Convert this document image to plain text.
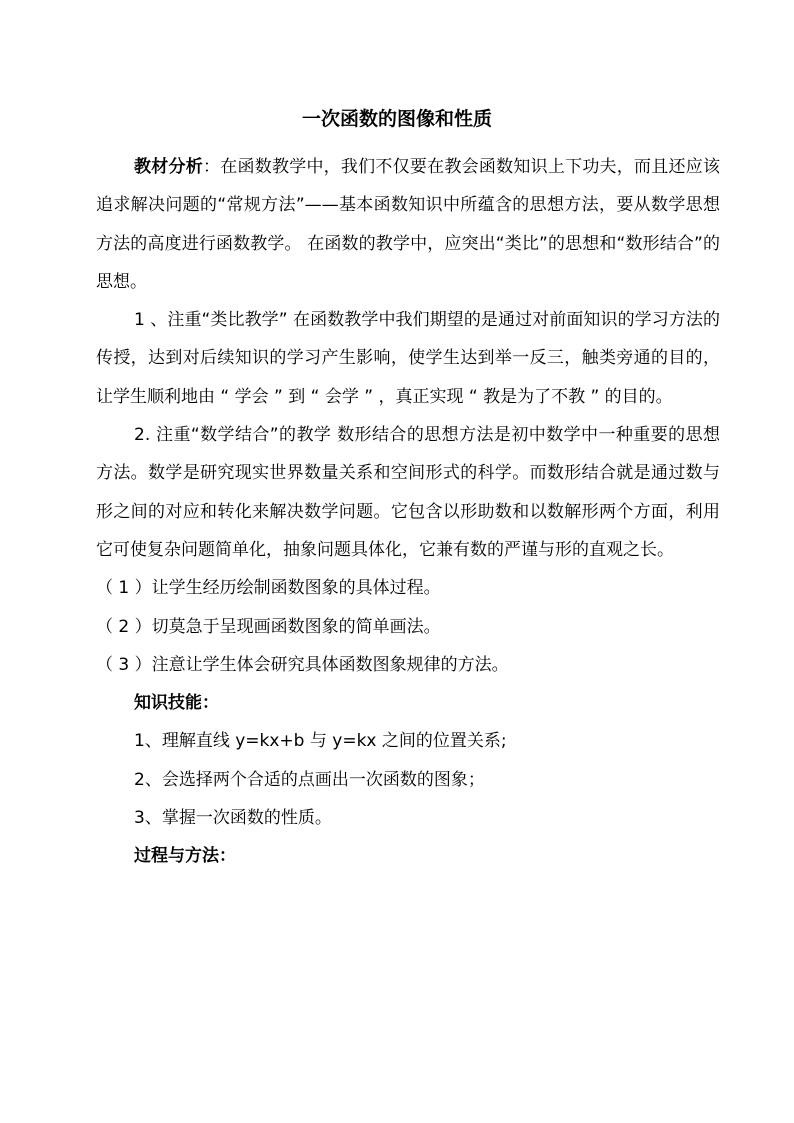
一次函数的图像和性质

教材分析：在函数教学中，我们不仅要在教会函数知识上下功夫，而且还应该追求解决问题的“常规方法”——基本函数知识中所蕴含的思想方法，要从数学思想方法的高度进行函数教学。 在函数的教学中，应突出“类比”的思想和“数形结合”的思想。

1 、注重“类比教学” 在函数教学中我们期望的是通过对前面知识的学习方法的传授，达到对后续知识的学习产生影响，使学生达到举一反三，触类旁通的目的，让学生顺利地由 “ 学会 ” 到 “ 会学 ” ，真正实现 “ 教是为了不教 ” 的目的。

2. 注重“数学结合”的教学 数形结合的思想方法是初中数学中一种重要的思想方法。数学是研究现实世界数量关系和空间形式的科学。而数形结合就是通过数与形之间的对应和转化来解决数学问题。它包含以形助数和以数解形两个方面，利用它可使复杂问题简单化，抽象问题具体化，它兼有数的严谨与形的直观之长。

（ 1 ）让学生经历绘制函数图象的具体过程。

（ 2 ）切莫急于呈现画函数图象的简单画法。

（ 3 ）注意让学生体会研究具体函数图象规律的方法。

知识技能：

1、理解直线 y=kx+b 与 y=kx 之间的位置关系;

2、会选择两个合适的点画出一次函数的图象；

3、掌握一次函数的性质。

过程与方法：
